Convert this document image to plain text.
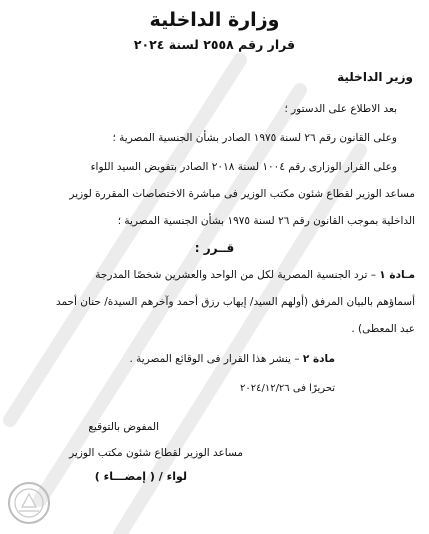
وزارة الداخلية
قرار رقم ٢٥٥٨ لسنة ٢٠٢٤
وزير الداخلية
بعد الاطلاع على الدستور ؛
وعلى القانون رقم ٢٦ لسنة ١٩٧٥ الصادر بشأن الجنسية المصرية ؛
وعلى القرار الوزارى رقم ١٠٠٤ لسنة ٢٠١٨ الصادر بتفويض السيد اللواء
مساعد الوزير لقطاع شئون مكتب الوزير فى مباشرة الاختصاصات المقررة لوزير
الداخلية بموجب القانون رقم ٢٦ لسنة ١٩٧٥ بشأن الجنسية المصرية ؛
قــرر :
مـادة ١ – ترد الجنسية المصرية لكل من الواحد والعشرين شخصًا المدرجة
أسماؤهم بالبيان المرفق (أولهم السيد/ إيهاب رزق أحمد وآخرهم السيدة/ حنان أحمد
عبد المعطى) .
مادة ٢ – ينشر هذا القرار فى الوقائع المصرية .
تحريرًا فى ٢٠٢٤/١٢/٢٦
المفوض بالتوقيع
مساعد الوزير لقطاع شئون مكتب الوزير
لواء / ( إمضـــاء )
